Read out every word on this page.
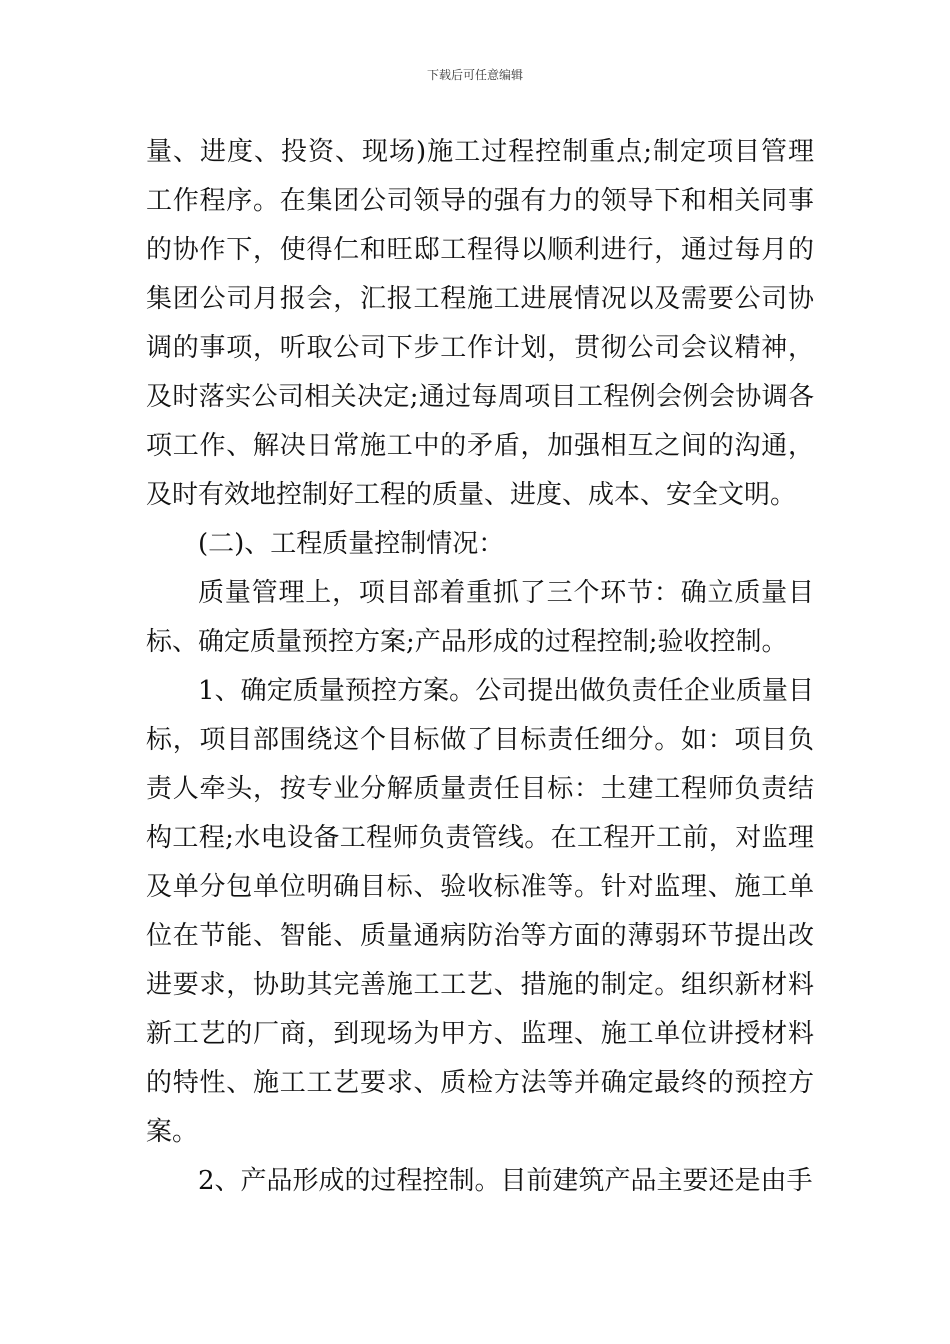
下载后可任意编辑

量、进度、投资、现场)施工过程控制重点;制定项目管理工作程序。在集团公司领导的强有力的领导下和相关同事的协作下，使得仁和旺邸工程得以顺利进行，通过每月的集团公司月报会，汇报工程施工进展情况以及需要公司协调的事项，听取公司下步工作计划，贯彻公司会议精神，及时落实公司相关决定;通过每周项目工程例会例会协调各项工作、解决日常施工中的矛盾，加强相互之间的沟通，及时有效地控制好工程的质量、进度、成本、安全文明。

(二)、工程质量控制情况：

质量管理上，项目部着重抓了三个环节：确立质量目标、确定质量预控方案;产品形成的过程控制;验收控制。

1、确定质量预控方案。公司提出做负责任企业质量目标，项目部围绕这个目标做了目标责任细分。如：项目负责人牵头，按专业分解质量责任目标：土建工程师负责结构工程;水电设备工程师负责管线。在工程开工前，对监理及单分包单位明确目标、验收标准等。针对监理、施工单位在节能、智能、质量通病防治等方面的薄弱环节提出改进要求，协助其完善施工工艺、措施的制定。组织新材料新工艺的厂商，到现场为甲方、监理、施工单位讲授材料的特性、施工工艺要求、质检方法等并确定最终的预控方案。

2、产品形成的过程控制。目前建筑产品主要还是由手
